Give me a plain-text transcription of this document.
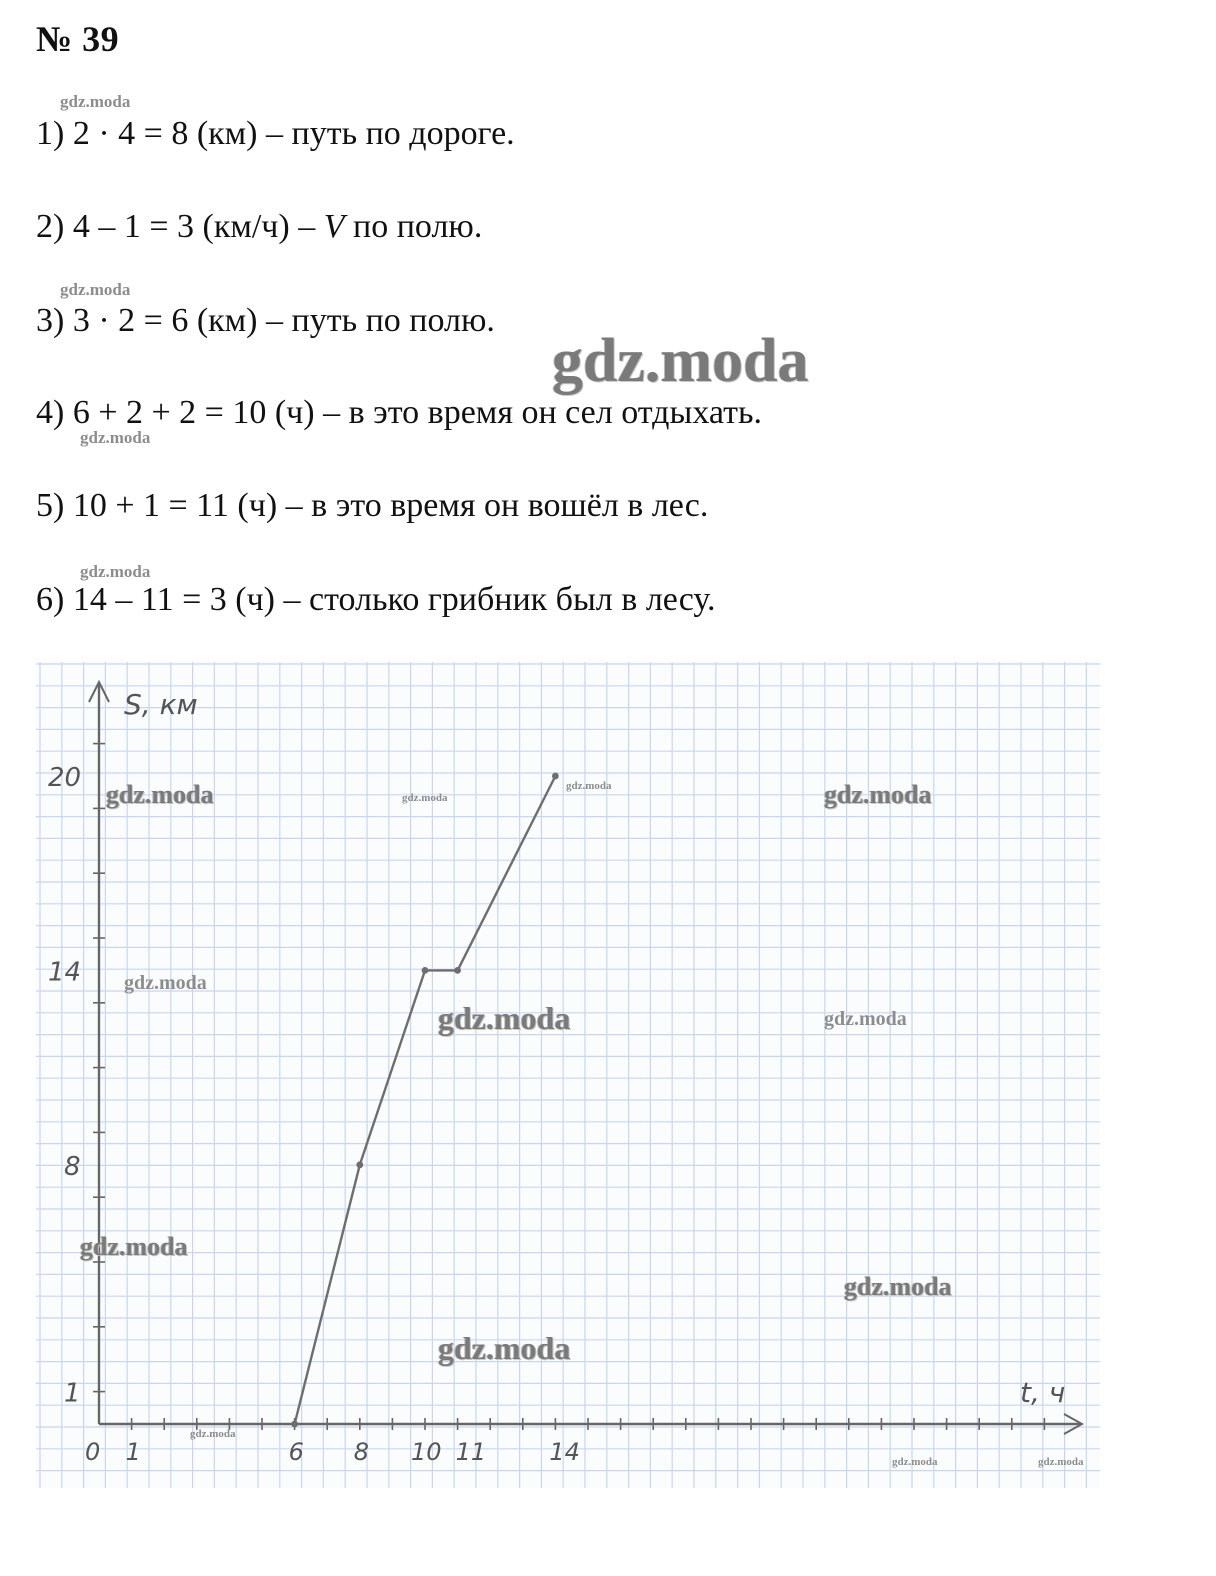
№ 39
1) 2 · 4 = 8 (км) – путь по дороге.
2) 4 – 1 = 3 (км/ч) – V по полю.
3) 3 · 2 = 6 (км) – путь по полю.
4) 6 + 2 + 2 = 10 (ч) – в это время он сел отдыхать.
5) 10 + 1 = 11 (ч) – в это время он вошёл в лес.
6) 14 – 11 = 3 (ч) – столько грибник был в лесу.
0 1	6 8 10 11	14
1
8
14
20
S, км
t, ч
gdz.moda
gdz.moda
gdz.moda
gdz.moda
gdz.moda
gdz.moda	gdz.moda
gdz.moda	gdz.moda
gdz.moda
gdz.moda	gdz.moda
gdz.moda
gdz.moda
gdz.moda
gdz.moda
gdz.moda	gdz.moda
